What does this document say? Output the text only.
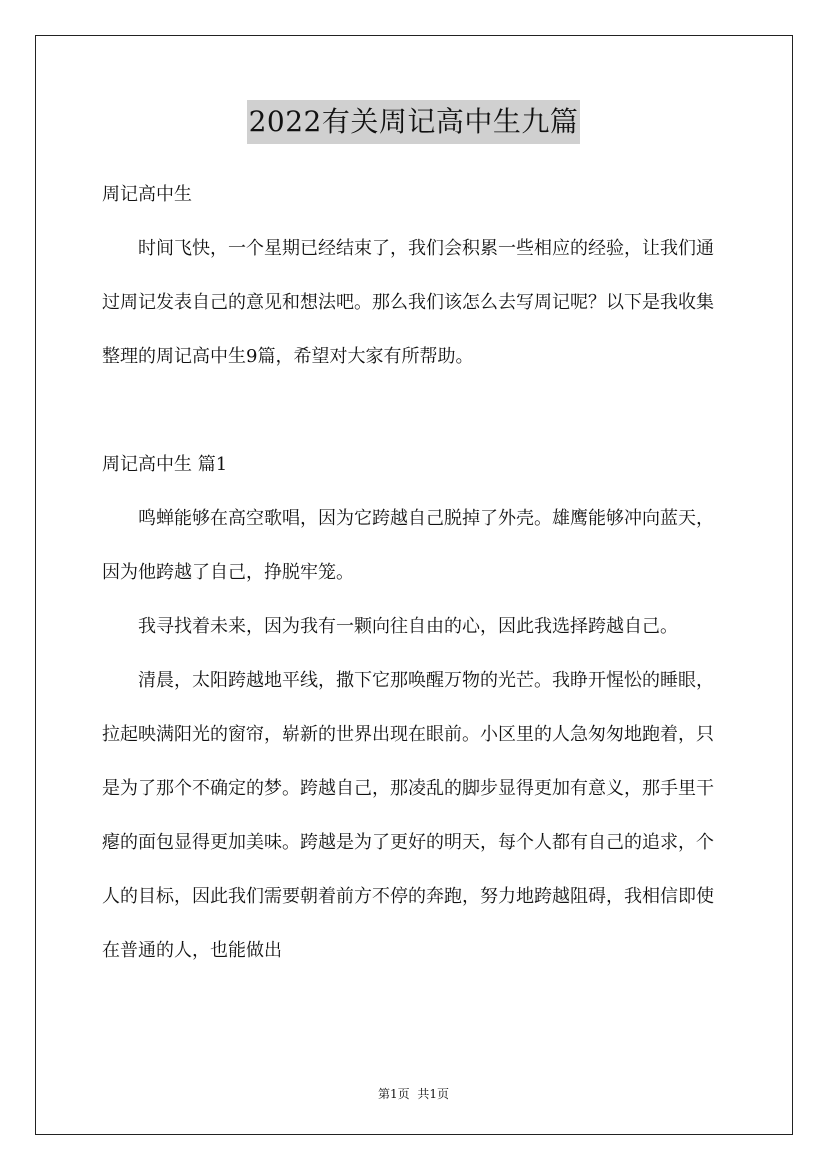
2022有关周记高中生九篇

周记高中生

时间飞快，一个星期已经结束了，我们会积累一些相应的经验，让我们通过周记发表自己的意见和想法吧。那么我们该怎么去写周记呢？以下是我收集整理的周记高中生9篇，希望对大家有所帮助。

周记高中生 篇1

鸣蝉能够在高空歌唱，因为它跨越自己脱掉了外壳。雄鹰能够冲向蓝天，因为他跨越了自己，挣脱牢笼。

我寻找着未来，因为我有一颗向往自由的心，因此我选择跨越自己。

清晨，太阳跨越地平线，撒下它那唤醒万物的光芒。我睁开惺忪的睡眼，拉起映满阳光的窗帘，崭新的世界出现在眼前。小区里的人急匆匆地跑着，只是为了那个不确定的梦。跨越自己，那凌乱的脚步显得更加有意义，那手里干瘪的面包显得更加美味。跨越是为了更好的明天，每个人都有自己的追求，个人的目标，因此我们需要朝着前方不停的奔跑，努力地跨越阻碍，我相信即使在普通的人，也能做出

第1页 共1页
